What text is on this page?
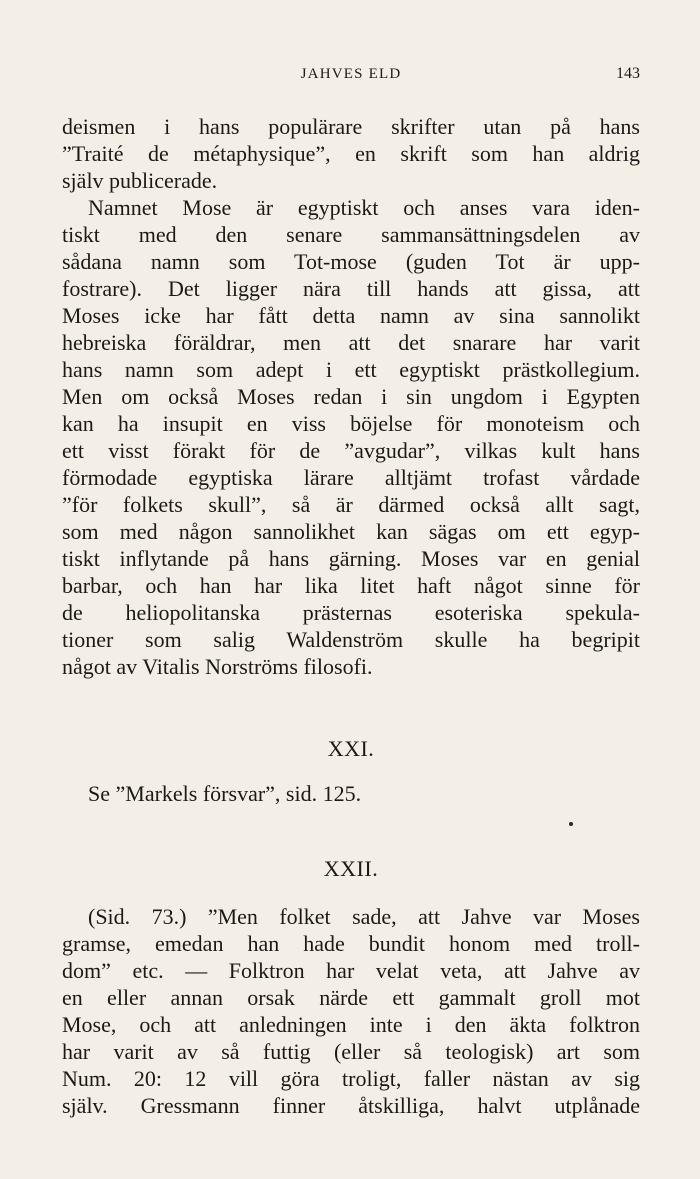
JAHVES ELD	143
deismen i hans populärare skrifter utan på hans
”Traité de métaphysique”, en skrift som han aldrig
själv publicerade.
Namnet Mose är egyptiskt och anses vara iden-
tiskt med den senare sammansättningsdelen av
sådana namn som Tot-mose (guden Tot är upp-
fostrare). Det ligger nära till hands att gissa, att
Moses icke har fått detta namn av sina sannolikt
hebreiska föräldrar, men att det snarare har varit
hans namn som adept i ett egyptiskt prästkollegium.
Men om också Moses redan i sin ungdom i Egypten
kan ha insupit en viss böjelse för monoteism och
ett visst förakt för de ”avgudar”, vilkas kult hans
förmodade egyptiska lärare alltjämt trofast vårdade
”för folkets skull”, så är därmed också allt sagt,
som med någon sannolikhet kan sägas om ett egyp-
tiskt inflytande på hans gärning. Moses var en genial
barbar, och han har lika litet haft något sinne för
de heliopolitanska prästernas esoteriska spekula-
tioner som salig Waldenström skulle ha begripit
något av Vitalis Norströms filosofi.
XXI.
Se ”Markels försvar”, sid. 125.
XXII.
(Sid. 73.) ”Men folket sade, att Jahve var Moses
gramse, emedan han hade bundit honom med troll-
dom” etc. — Folktron har velat veta, att Jahve av
en eller annan orsak närde ett gammalt groll mot
Mose, och att anledningen inte i den äkta folktron
har varit av så futtig (eller så teologisk) art som
Num. 20: 12 vill göra troligt, faller nästan av sig
själv. Gressmann finner åtskilliga, halvt utplånade
